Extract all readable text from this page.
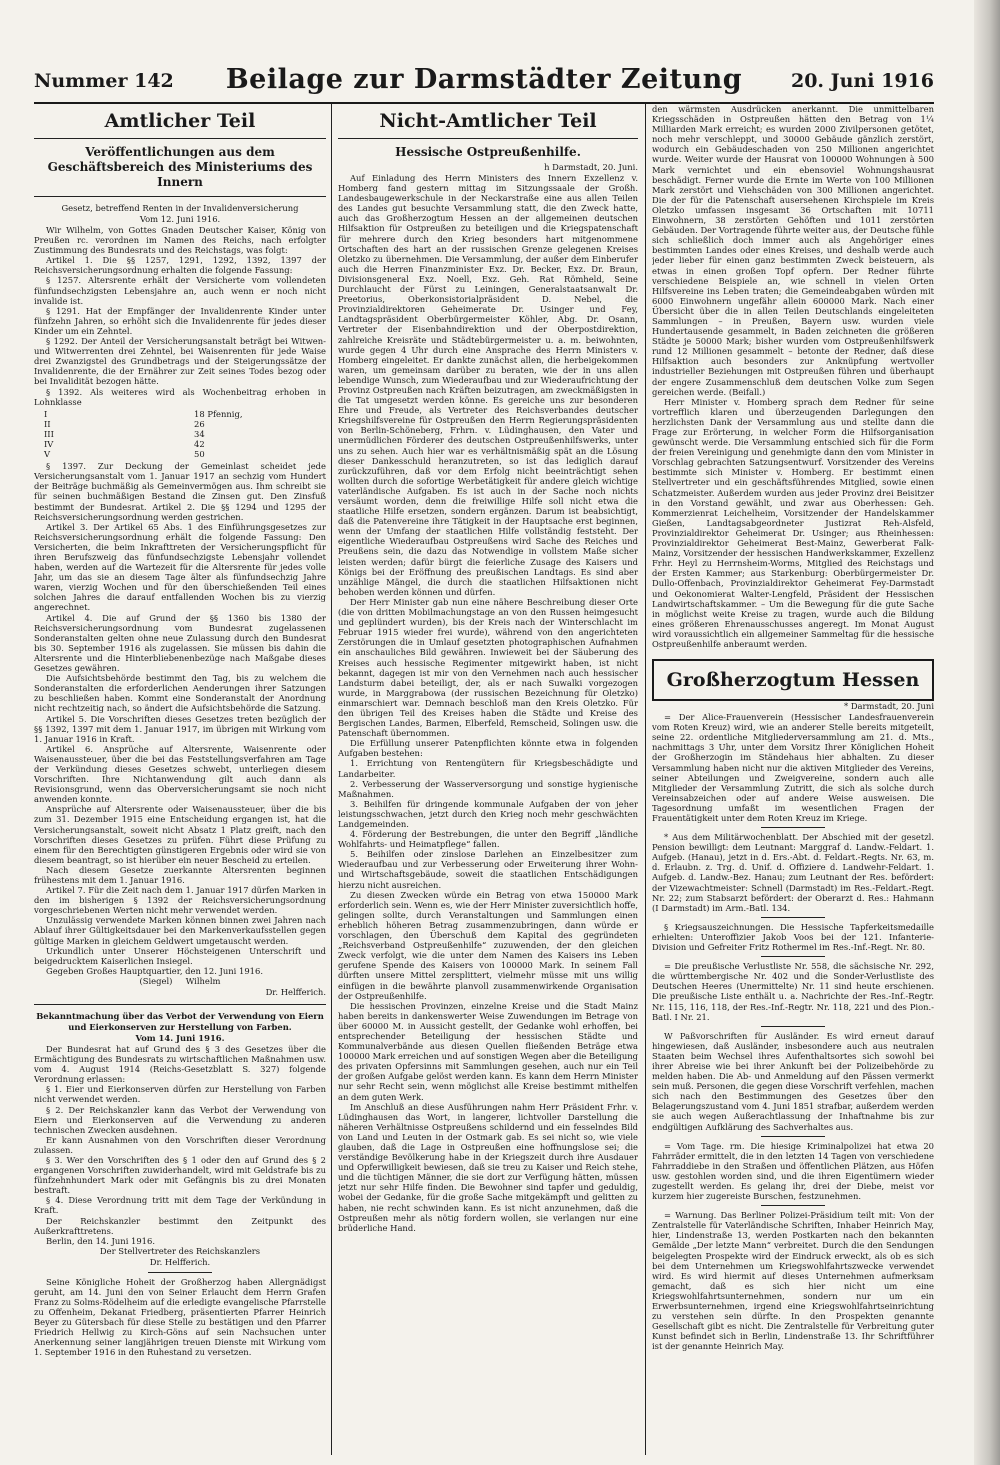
Nummer 142	Beilage zur Darmstädter Zeitung	20. Juni 1916
Amtlicher Teil
Veröffentlichungen aus dem Geschäftsbereich des Ministeriums des Innern
Gesetz, betreffend Renten in der Invalidenversicherung
Vom 12. Juni 1916.

Wir Wilhelm, von Gottes Gnaden Deutscher Kaiser, König von Preußen rc. verordnen im Namen des Reichs, nach erfolgter Zustimmung des Bundesrats und des Reichstags, was folgt:

Artikel 1. Die §§ 1257, 1291, 1292, 1392, 1397 der Reichsversicherungsordnung erhalten die folgende Fassung:

§ 1257. Altersrente erhält der Versicherte vom vollendeten fünfundsechzigsten Lebensjahre an, auch wenn er noch nicht invalide ist.

§ 1291. Hat der Empfänger der Invalidenrente Kinder unter fünfzehn Jahren, so erhöht sich die Invalidenrente für jedes dieser Kinder um ein Zehntel.

§ 1292. Der Anteil der Versicherungsanstalt beträgt bei Witwen- und Witwerrenten drei Zehntel, bei Waisenrenten für jede Waise drei Zwanzigstel des Grundbetrags und der Steigerungssätze der Invalidenrente, die der Ernährer zur Zeit seines Todes bezog oder bei Invalidität bezogen hätte.

§ 1392. Als weiteres wird als Wochenbeitrag erhoben in Lohnklasse

I	18 Pfennig,
II	26
III	34
IV	42
V	50

§ 1397. Zur Deckung der Gemeinlast scheidet jede Versicherungsanstalt vom 1. Januar 1917 an sechzig vom Hundert der Beiträge buchmäßig als Gemeinvermögen aus. Ihm schreibt sie für seinen buchmäßigen Bestand die Zinsen gut. Den Zinsfuß bestimmt der Bundesrat. Artikel 2. Die §§ 1294 und 1295 der Reichsversicherungsordnung werden gestrichen.

Artikel 3. Der Artikel 65 Abs. 1 des Einführungsgesetzes zur Reichsversicherungsordnung erhält die folgende Fassung: Den Versicherten, die beim Inkrafttreten der Versicherungspflicht für ihren Berufszweig das fünfundsechzigste Lebensjahr vollendet haben, werden auf die Wartezeit für die Altersrente für jedes volle Jahr, um das sie an diesem Tage älter als fünfundsechzig Jahre waren, vierzig Wochen und für den überschießenden Teil eines solchen Jahres die darauf entfallenden Wochen bis zu vierzig angerechnet.

Artikel 4. Die auf Grund der §§ 1360 bis 1380 der Reichsversicherungsordnung vom Bundesrat zugelassenen Sonderanstalten gelten ohne neue Zulassung durch den Bundesrat bis 30. September 1916 als zugelassen. Sie müssen bis dahin die Altersrente und die Hinterbliebenenbezüge nach Maßgabe dieses Gesetzes gewähren.

Die Aufsichtsbehörde bestimmt den Tag, bis zu welchem die Sonderanstalten die erforderlichen Aenderungen ihrer Satzungen zu beschließen haben. Kommt eine Sonderanstalt der Anordnung nicht rechtzeitig nach, so ändert die Aufsichtsbehörde die Satzung.

Artikel 5. Die Vorschriften dieses Gesetzes treten bezüglich der §§ 1392, 1397 mit dem 1. Januar 1917, im übrigen mit Wirkung vom 1. Januar 1916 in Kraft.

Artikel 6. Ansprüche auf Altersrente, Waisenrente oder Waisenaussteuer, über die bei das Feststellungsverfahren am Tage der Verkündung dieses Gesetzes schwebt, unterliegen diesem Vorschriften. Ihre Nichtanwendung gilt auch dann als Revisionsgrund, wenn das Oberversicherungsamt sie noch nicht anwenden konnte.

Ansprüche auf Altersrente oder Waisenaussteuer, über die bis zum 31. Dezember 1915 eine Entscheidung ergangen ist, hat die Versicherungsanstalt, soweit nicht Absatz 1 Platz greift, nach den Vorschriften dieses Gesetzes zu prüfen. Führt diese Prüfung zu einem für den Berechtigten günstigeren Ergebnis oder wird sie von diesem beantragt, so ist hierüber ein neuer Bescheid zu erteilen.

Nach diesem Gesetze zuerkannte Altersrenten beginnen frühestens mit dem 1. Januar 1916.

Artikel 7. Für die Zeit nach dem 1. Januar 1917 dürfen Marken in den im bisherigen § 1392 der Reichsversicherungsordnung vorgeschriebenen Werten nicht mehr verwendet werden.

Unzulässig verwendete Marken können binnen zwei Jahren nach Ablauf ihrer Gültigkeitsdauer bei den Markenverkaufsstellen gegen gültige Marken in gleichem Geldwert umgetauscht werden.

Urkundlich unter Unserer Höchsteigenen Unterschrift und beigedrucktem Kaiserlichen Insiegel.

Gegeben Großes Hauptquartier, den 12. Juni 1916.

(Siegel) Wilhelm
Dr. Helfferich.
Bekanntmachung über das Verbot der Verwendung von Eiern und Eierkonserven zur Herstellung von Farben.
Vom 14. Juni 1916.

Der Bundesrat hat auf Grund des § 3 des Gesetzes über die Ermächtigung des Bundesrats zu wirtschaftlichen Maßnahmen usw. vom 4. August 1914 (Reichs-Gesetzblatt S. 327) folgende Verordnung erlassen:

§ 1. Eier und Eierkonserven dürfen zur Herstellung von Farben nicht verwendet werden.

§ 2. Der Reichskanzler kann das Verbot der Verwendung von Eiern und Eierkonserven auf die Verwendung zu anderen technischen Zwecken ausdehnen.

Er kann Ausnahmen von den Vorschriften dieser Verordnung zulassen.

§ 3. Wer den Vorschriften des § 1 oder den auf Grund des § 2 ergangenen Vorschriften zuwiderhandelt, wird mit Geldstrafe bis zu fünfzehnhundert Mark oder mit Gefängnis bis zu drei Monaten bestraft.

§ 4. Diese Verordnung tritt mit dem Tage der Verkündung in Kraft.

Der Reichskanzler bestimmt den Zeitpunkt des Außerkrafttretens.

Berlin, den 14. Juni 1916.

Der Stellvertreter des Reichskanzlers
Dr. Helfferich.

Seine Königliche Hoheit der Großherzog haben Allergnädigst geruht, am 14. Juni den von Seiner Erlaucht dem Herrn Grafen Franz zu Solms-Rödelheim auf die erledigte evangelische Pfarrstelle zu Offenheim, Dekanat Friedberg, präsentierten Pfarrer Heinrich Beyer zu Gütersbach für diese Stelle zu bestätigen und den Pfarrer Friedrich Hellwig zu Kirch-Göns auf sein Nachsuchen unter Anerkennung seiner langjährigen treuen Dienste mit Wirkung vom 1. September 1916 in den Ruhestand zu versetzen.

Nicht-Amtlicher Teil
Hessische Ostpreußenhilfe.
h Darmstadt, 20. Juni.

Auf Einladung des Herrn Ministers des Innern Exzellenz v. Homberg fand gestern mittag im Sitzungssaale der Großh. Landesbaugewerkschule in der Neckarstraße eine aus allen Teilen des Landes gut besuchte Versammlung statt, die den Zweck hatte, auch das Großherzogtum Hessen an der allgemeinen deutschen Hilfsaktion für Ostpreußen zu beteiligen und die Kriegspatenschaft für mehrere durch den Krieg besonders hart mitgenommene Ortschaften des hart an der russischen Grenze gelegenen Kreises Oletzko zu übernehmen. Die Versammlung, der außer dem Einberufer auch die Herren Finanzminister Exz. Dr. Becker, Exz. Dr. Braun, Divisionsgeneral Exz. Noell, Exz. Geh. Rat Römheld, Seine Durchlaucht der Fürst zu Leiningen, Generalstaatsanwalt Dr. Preetorius, Oberkonsistorialpräsident D. Nebel, die Provinzialdirektoren Geheimerate Dr. Usinger und Fey, Landtagspräsident Oberbürgermeister Köhler, Abg. Dr. Osann, Vertreter der Eisenbahndirektion und der Oberpostdirektion, zahlreiche Kreisräte und Städtebürgermeister u. a. m. beiwohnten, wurde gegen 4 Uhr durch eine Ansprache des Herrn Ministers v. Homberg eingeleitet. Er dankte zunächst allen, die herbeigekommen waren, um gemeinsam darüber zu beraten, wie der in uns allen lebendige Wunsch, zum Wiederaufbau und zur Wiederaufrichtung der Provinz Ostpreußen nach Kräften beizutragen, am zweckmäßigsten in die Tat umgesetzt werden könne. Es gereiche uns zur besonderen Ehre und Freude, als Vertreter des Reichsverbandes deutscher Kriegshilfsvereine für Ostpreußen den Herrn Regierungspräsidenten von Berlin-Schöneberg, Frhrn. v. Lüdinghausen, den Vater und unermüdlichen Förderer des deutschen Ostpreußenhilfswerks, unter uns zu sehen. Auch hier war es verhältnismäßig spät an die Lösung dieser Dankesschuld heranzutreten, so ist das lediglich darauf zurückzuführen, daß vor dem Erfolg nicht beeinträchtigt sehen wollten durch die sofortige Werbetätigkeit für andere gleich wichtige vaterländische Aufgaben. Es ist auch in der Sache noch nichts versäumt worden, denn die freiwillige Hilfe soll nicht etwa die staatliche Hilfe ersetzen, sondern ergänzen. Darum ist beabsichtigt, daß die Patenvereine ihre Tätigkeit in der Hauptsache erst beginnen, wenn der Umfang der staatlichen Hilfe vollständig feststeht. Der eigentliche Wiederaufbau Ostpreußens wird Sache des Reiches und Preußens sein, die dazu das Notwendige in vollstem Maße sicher leisten werden; dafür bürgt die feierliche Zusage des Kaisers und Königs bei der Eröffnung des preußischen Landtags. Es sind aber unzählige Mängel, die durch die staatlichen Hilfsaktionen nicht behoben werden können und dürfen.

Der Herr Minister gab nun eine nähere Beschreibung dieser Orte (die von dritten Mobilmachungstage an von den Russen heimgesucht und geplündert wurden), bis der Kreis nach der Winterschlacht im Februar 1915 wieder frei wurde), während von den angerichteten Zerstörungen die in Umlauf gesetzten photographischen Aufnahmen ein anschauliches Bild gewähren. Inwieweit bei der Säuberung des Kreises auch hessische Regimenter mitgewirkt haben, ist nicht bekannt, dagegen ist mir von den Vernehmen nach auch hessischer Landsturm dabei beteiligt, der, als er nach Suwalki vorgezogen wurde, in Marggrabowa (der russischen Bezeichnung für Oletzko) einmarschiert war. Demnach beschloß man den Kreis Oletzko. Für den übrigen Teil des Kreises haben die Städte und Kreise des Bergischen Landes, Barmen, Elberfeld, Remscheid, Solingen usw. die Patenschaft übernommen.

Die Erfüllung unserer Patenpflichten könnte etwa in folgenden Aufgaben bestehen:

1. Errichtung von Rentengütern für Kriegsbeschädigte und Landarbeiter.

2. Verbesserung der Wasserversorgung und sonstige hygienische Maßnahmen.

3. Beihilfen für dringende kommunale Aufgaben der von jeher leistungsschwachen, jetzt durch den Krieg noch mehr geschwächten Landgemeinden.

4. Förderung der Bestrebungen, die unter den Begriff „ländliche Wohlfahrts- und Heimatpflege“ fallen.

5. Beihilfen oder zinslose Darlehen an Einzelbesitzer zum Wiederaufbau und zur Verbesserung oder Erweiterung ihrer Wohn- und Wirtschaftsgebäude, soweit die staatlichen Entschädigungen hierzu nicht ausreichen.

Zu diesen Zwecken würde ein Betrag von etwa 150000 Mark erforderlich sein. Wenn es, wie der Herr Minister zuversichtlich hoffe, gelingen sollte, durch Veranstaltungen und Sammlungen einen erheblich höheren Betrag zusammenzubringen, dann würde er vorschlagen, den Überschuß dem Kapital des gegründeten „Reichsverband Ostpreußenhilfe“ zuzuwenden, der den gleichen Zweck verfolgt, wie die unter dem Namen des Kaisers ins Leben gerufene Spende des Kaisers von 100000 Mark. In seinem Fall dürften unsere Mittel zersplittert, vielmehr müsse mit uns willig einfügen in die bewährte planvoll zusammenwirkende Organisation der Ostpreußenhilfe.

Die hessischen Provinzen, einzelne Kreise und die Stadt Mainz haben bereits in dankenswerter Weise Zuwendungen im Betrage von über 60000 M. in Aussicht gestellt, der Gedanke wohl erhoffen, bei entsprechender Beteiligung der hessischen Städte und Kommunalverbände aus diesen Quellen fließenden Beträge etwa 100000 Mark erreichen und auf sonstigen Wegen aber die Beteiligung des privaten Opfersinns mit Sammlungen gesehen, auch nur ein Teil der großen Aufgabe gelöst werden kann. Es kann dem Herrn Minister nur sehr Recht sein, wenn möglichst alle Kreise bestimmt mithelfen an dem guten Werk.

Im Anschluß an diese Ausführungen nahm Herr Präsident Frhr. v. Lüdinghausen das Wort, in langerer, lichtvoller Darstellung die näheren Verhältnisse Ostpreußens schildernd und ein fesselndes Bild von Land und Leuten in der Ostmark gab. Es sei nicht so, wie viele glauben, daß die Lage in Ostpreußen eine hoffnungslose sei; die verständige Bevölkerung habe in der Kriegszeit durch ihre Ausdauer und Opferwilligkeit bewiesen, daß sie treu zu Kaiser und Reich stehe, und die tüchtigen Männer, die sie dort zur Verfügung hätten, müssen jetzt nur sehr Hilfe finden. Die Bewohner sind tapfer und geduldig, wobei der Gedanke, für die große Sache mitgekämpft und gelitten zu haben, nie recht schwinden kann. Es ist nicht anzunehmen, daß die Ostpreußen mehr als nötig fordern wollen, sie verlangen nur eine brüderliche Hand.

den wärmsten Ausdrücken anerkannt. Die unmittelbaren Kriegsschäden in Ostpreußen hätten den Betrag von 1¼ Milliarden Mark erreicht; es wurden 2000 Zivilpersonen getötet, noch mehr verschleppt, und 30000 Gebäude gänzlich zerstört, wodurch ein Gebäudeschaden von 250 Millionen angerichtet wurde. Weiter wurde der Hausrat von 100000 Wohnungen à 500 Mark vernichtet und ein ebensoviel Wohnungshausrat beschädigt. Ferner wurde die Ernte im Werte von 100 Millionen Mark zerstört und Viehschäden von 300 Millionen angerichtet. Die der für die Patenschaft ausersehenen Kirchspiele im Kreis Oletzko umfassen insgesamt 36 Ortschaften mit 10711 Einwohnern, 38 zerstörten Gehöften und 1011 zerstörten Gebäuden. Der Vortragende führte weiter aus, der Deutsche fühle sich schließlich doch immer auch als Angehöriger eines bestimmten Landes oder eines Kreises, und deshalb werde auch jeder lieber für einen ganz bestimmten Zweck beisteuern, als etwas in einen großen Topf opfern. Der Redner führte verschiedene Beispiele an, wie schnell in vielen Orten Hilfsvereine ins Leben traten; die Gemeindeabgaben würden mit 6000 Einwohnern ungefähr allein 600000 Mark. Nach einer Übersicht über die in allen Teilen Deutschlands eingeleiteten Sammlungen – in Preußen, Bayern usw. wurden viele Hundertausende gesammelt, in Baden zeichneten die größeren Städte je 50000 Mark; bisher wurden vom Ostpreußenhilfswerk rund 12 Millionen gesammelt – betonte der Redner, daß diese Hilfsaktion auch besonders zur Anknüpfung wertvoller industrieller Beziehungen mit Ostpreußen führen und überhaupt der engere Zusammenschluß dem deutschen Volke zum Segen gereichen werde. (Beifall.)

Herr Minister v. Homberg sprach dem Redner für seine vortrefflich klaren und überzeugenden Darlegungen den herzlichsten Dank der Versammlung aus und stellte dann die Frage zur Erörterung, in welcher Form die Hilfsorganisation gewünscht werde. Die Versammlung entschied sich für die Form der freien Vereinigung und genehmigte dann den vom Minister in Vorschlag gebrachten Satzungsentwurf. Vorsitzender des Vereins bestimmte sich Minister v. Homberg. Er bestimmt einen Stellvertreter und ein geschäftsführendes Mitglied, sowie einen Schatzmeister. Außerdem wurden aus jeder Provinz drei Beisitzer in den Vorstand gewählt, und zwar aus Oberhessen: Geh. Kommerzienrat Leichelheim, Vorsitzender der Handelskammer Gießen, Landtagsabgeordneter Justizrat Reh-Alsfeld, Provinzialdirektor Geheimerat Dr. Usinger; aus Rheinhessen: Provinzialdirektor Geheimerat Best-Mainz, Gewerberat Falk-Mainz, Vorsitzender der hessischen Handwerkskammer, Exzellenz Frhr. Heyl zu Herrnsheim-Worms, Mitglied des Reichstags und der Ersten Kammer; aus Starkenburg: Oberbürgermeister Dr. Dullo-Offenbach, Provinzialdirektor Geheimerat Fey-Darmstadt und Oekonomierat Walter-Lengfeld, Präsident der Hessischen Landwirtschaftskammer. – Um die Bewegung für die gute Sache in möglichst weite Kreise zu tragen, wurde auch die Bildung eines größeren Ehrenausschusses angeregt. Im Monat August wird voraussichtlich ein allgemeiner Sammeltag für die hessische Ostpreußenhilfe anberaumt werden.

Großherzogtum Hessen
* Darmstadt, 20. Juni

= Der Alice-Frauenverein (Hessischer Landesfrauenverein vom Roten Kreuz) wird, wie an anderer Stelle bereits mitgeteilt, seine 22. ordentliche Mitgliederversammlung am 21. d. Mts., nachmittags 3 Uhr, unter dem Vorsitz Ihrer Königlichen Hoheit der Großherzogin im Ständehaus hier abhalten. Zu dieser Versammlung haben nicht nur die aktiven Mitglieder des Vereins, seiner Abteilungen und Zweigvereine, sondern auch alle Mitglieder der Versammlung Zutritt, die sich als solche durch Vereinsabzeichen oder auf andere Weise ausweisen. Die Tagesordnung umfaßt im wesentlichen Fragen der Frauentätigkeit unter dem Roten Kreuz im Kriege.

* Aus dem Militärwochenblatt. Der Abschied mit der gesetzl. Pension bewilligt: dem Leutnant: Marggraf d. Landw.-Feldart. 1. Aufgeb. (Hanau), jetzt in d. Ers.-Abt. d. Feldart.-Regts. Nr. 63, m. d. Erlaubn. z. Trg. d. Unif. d. Offiziere d. Landwehr-Feldart. 1. Aufgeb. d. Landw.-Bez. Hanau; zum Leutnant der Res. befördert: der Vizewachtmeister: Schnell (Darmstadt) im Res.-Feldart.-Regt. Nr. 22; zum Stabsarzt befördert: der Oberarzt d. Res.: Hahmann (I Darmstadt) im Arm.-Batl. 134.

§ Kriegsauszeichnungen. Die Hessische Tapferkeitsmedaille erhielten: Unteroffizier Jakob Voos bei der 121. Infanterie-Division und Gefreiter Fritz Rothermel im Res.-Inf.-Regt. Nr. 80.

= Die preußische Verlustliste Nr. 558, die sächsische Nr. 292, die württembergische Nr. 402 und die Sonder-Verlustliste des Deutschen Heeres (Unermittelte) Nr. 11 sind heute erschienen. Die preußische Liste enthält u. a. Nachrichte der Res.-Inf.-Regtr. Nr. 115, 116, 118, der Res.-Inf.-Regtr. Nr. 118, 221 und des Pion.-Batl. I Nr. 21.

W Paßvorschriften für Ausländer. Es wird erneut darauf hingewiesen, daß Ausländer, insbesondere auch aus neutralen Staaten beim Wechsel ihres Aufenthaltsortes sich sowohl bei ihrer Abreise wie bei ihrer Ankunft bei der Polizeibehörde zu melden haben. Die Ab- und Anmeldung auf den Pässen vermerkt sein muß. Personen, die gegen diese Vorschrift verfehlen, machen sich nach den Bestimmungen des Gesetzes über den Belagerungszustand vom 4. Juni 1851 strafbar, außerdem werden sie auch wegen Außerachtlassung der Inhaftnahme bis zur endgültigen Aufklärung des Sachverhaltes aus.

= Vom Tage. rm. Die hiesige Kriminalpolizei hat etwa 20 Fahrräder ermittelt, die in den letzten 14 Tagen von verschiedene Fahrraddiebe in den Straßen und öffentlichen Plätzen, aus Höfen usw. gestohlen worden sind, und die ihren Eigentümern wieder zugestellt werden. Es gelang ihr, drei der Diebe, meist vor kurzem hier zugereiste Burschen, festzunehmen.

= Warnung. Das Berliner Polizei-Präsidium teilt mit: Von der Zentralstelle für Vaterländische Schriften, Inhaber Heinrich May, hier, Lindenstraße 13, werden Postkarten nach den bekannten Gemälde „Der letzte Mann“ verbreitet. Durch die den Sendungen beigelegten Prospekte wird der Eindruck erweckt, als ob es sich bei dem Unternehmen um Kriegswohlfahrtszwecke verwendet wird. Es wird hiermit auf dieses Unternehmen aufmerksam gemacht, daß es sich hier nicht um eine Kriegswohlfahrtsunternehmen, sondern nur um ein Erwerbsunternehmen, irgend eine Kriegswohlfahrtseinrichtung zu verstehen sein dürfte. In den Prospekten genannte Gesellschaft gibt es nicht. Die Zentralstelle für Verbreitung guter Kunst befindet sich in Berlin, Lindenstraße 13. Ihr Schriftführer ist der genannte Heinrich May.
